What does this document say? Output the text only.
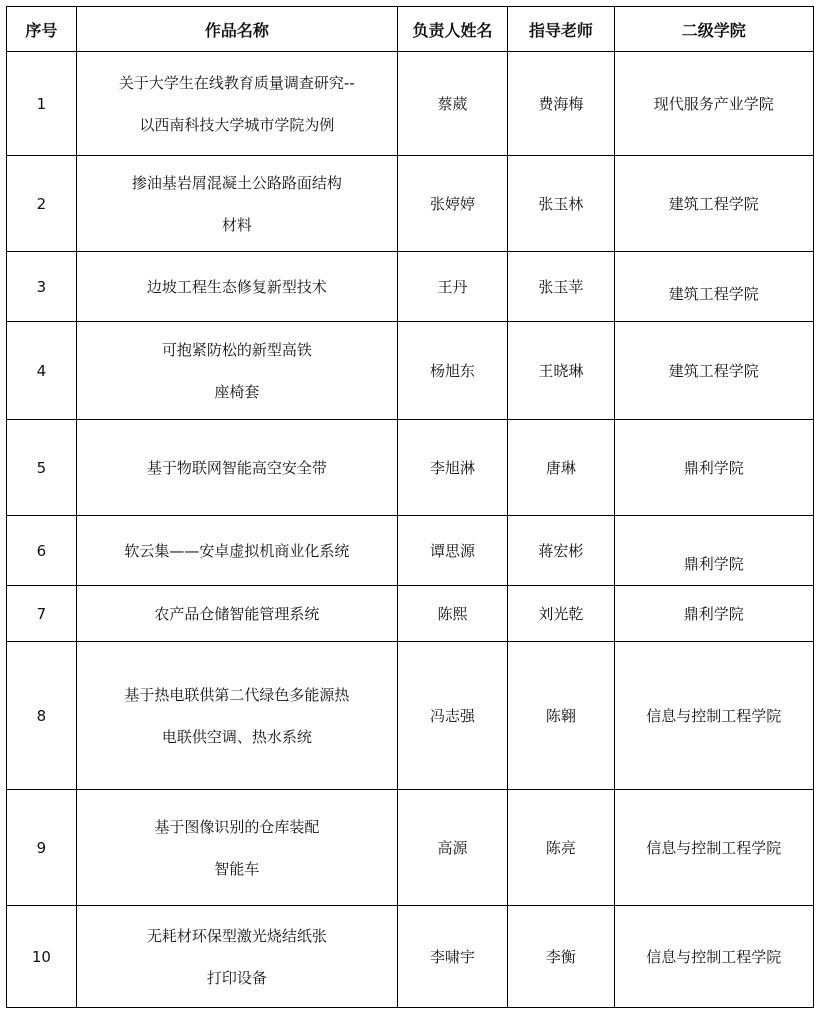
序号	作品名称	负责人姓名	指导老师	二级学院
1	关于大学生在线教育质量调查研究--
以西南科技大学城市学院为例	蔡葳	费海梅	现代服务产业学院
2	掺油基岩屑混凝土公路路面结构
材料	张婷婷	张玉林	建筑工程学院
3	边坡工程生态修复新型技术	王丹	张玉苹	建筑工程学院
4	可抱紧防松的新型高铁
座椅套	杨旭东	王晓琳	建筑工程学院
5	基于物联网智能高空安全带	李旭淋	唐琳	鼎利学院
6	软云集——安卓虚拟机商业化系统	谭思源	蒋宏彬	鼎利学院
7	农产品仓储智能管理系统	陈熙	刘光乾	鼎利学院
8	基于热电联供第二代绿色多能源热
电联供空调、热水系统	冯志强	陈翱	信息与控制工程学院
9	基于图像识别的仓库装配
智能车	高源	陈亮	信息与控制工程学院
10	无耗材环保型激光烧结纸张
打印设备	李啸宇	李衡	信息与控制工程学院
